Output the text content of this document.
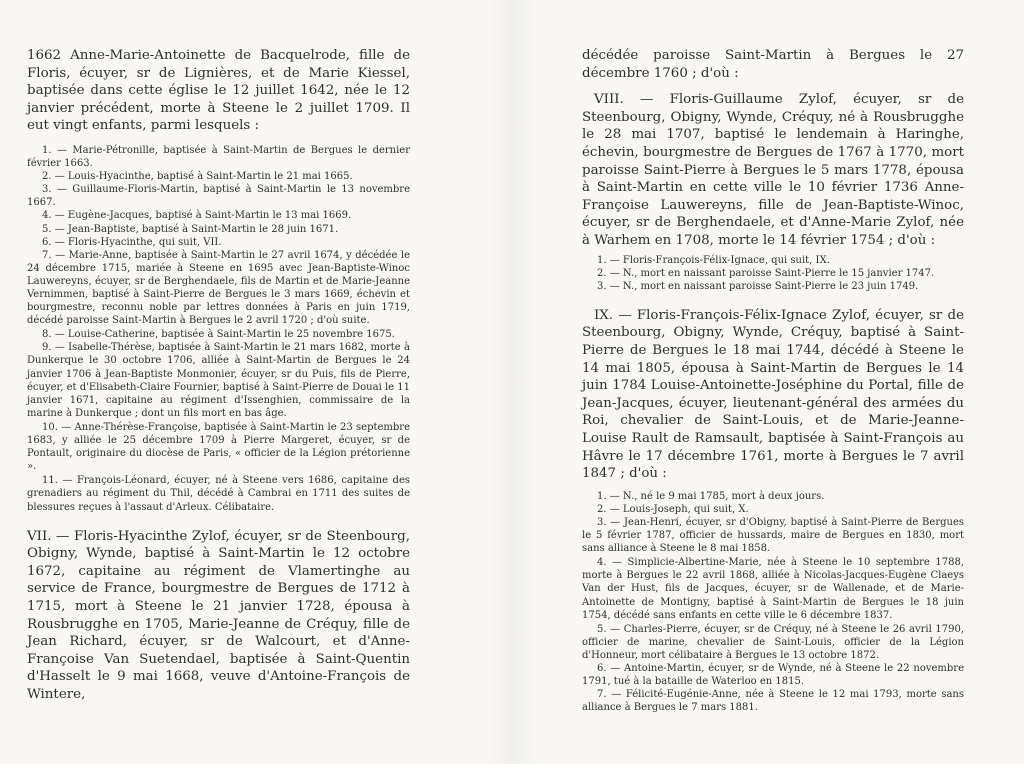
1662 Anne-Marie-Antoinette de Bacquelrode, fille de Floris, écuyer, sr de Lignières, et de Marie Kiessel, baptisée dans cette église le 12 juillet 1642, née le 12 janvier précédent, morte à Steene le 2 juillet 1709. Il eut vingt enfants, parmi lesquels :

1. — Marie-Pétronille, baptisée à Saint-Martin de Bergues le dernier février 1663.

2. — Louis-Hyacinthe, baptisé à Saint-Martin le 21 mai 1665.

3. — Guillaume-Floris-Martin, baptisé à Saint-Martin le 13 novembre 1667.

4. — Eugène-Jacques, baptisé à Saint-Martin le 13 mai 1669.

5. — Jean-Baptiste, baptisé à Saint-Martin le 28 juin 1671.

6. — Floris-Hyacinthe, qui suit, VII.

7. — Marie-Anne, baptisée à Saint-Martin le 27 avril 1674, y décédée le 24 décembre 1715, mariée à Steene en 1695 avec Jean-Baptiste-Winoc Lauwereyns, écuyer, sr de Berghendaele, fils de Martin et de Marie-Jeanne Vernimmen, baptisé à Saint-Pierre de Bergues le 3 mars 1669, échevin et bourgmestre, reconnu noble par lettres données à Paris en juin 1719, décédé paroisse Saint-Martin à Bergues le 2 avril 1720 ; d'où suite.

8. — Louise-Catherine, baptisée à Saint-Martin le 25 novembre 1675.

9. — Isabelle-Thérèse, baptisée à Saint-Martin le 21 mars 1682, morte à Dunkerque le 30 octobre 1706, alliée à Saint-Martin de Bergues le 24 janvier 1706 à Jean-Baptiste Monmonier, écuyer, sr du Puis, fils de Pierre, écuyer, et d'Elisabeth-Claire Fournier, baptisé à Saint-Pierre de Douai le 11 janvier 1671, capitaine au régiment d'Issenghien, commissaire de la marine à Dunkerque ; dont un fils mort en bas âge.

10. — Anne-Thérèse-Françoise, baptisée à Saint-Martin le 23 septembre 1683, y alliée le 25 décembre 1709 à Pierre Margeret, écuyer, sr de Pontault, originaire du diocèse de Paris, « officier de la Légion prétorienne ».

11. — François-Léonard, écuyer, né à Steene vers 1686, capitaine des grenadiers au régiment du Thil, décédé à Cambrai en 1711 des suites de blessures reçues à l'assaut d'Arleux. Célibataire.

VII. — Floris-Hyacinthe Zylof, écuyer, sr de Steenbourg, Obigny, Wynde, baptisé à Saint-Martin le 12 octobre 1672, capitaine au régiment de Vlamertinghe au service de France, bourgmestre de Bergues de 1712 à 1715, mort à Steene le 21 janvier 1728, épousa à Rousbrugghe en 1705, Marie-Jeanne de Créquy, fille de Jean Richard, écuyer, sr de Walcourt, et d'Anne-Françoise Van Suetendael, baptisée à Saint-Quentin d'Hasselt le 9 mai 1668, veuve d'Antoine-François de Wintere,

décédée paroisse Saint-Martin à Bergues le 27 décembre 1760 ; d'où :

VIII. — Floris-Guillaume Zylof, écuyer, sr de Steenbourg, Obigny, Wynde, Créquy, né à Rousbrugghe le 28 mai 1707, baptisé le lendemain à Haringhe, échevin, bourgmestre de Bergues de 1767 à 1770, mort paroisse Saint-Pierre à Bergues le 5 mars 1778, épousa à Saint-Martin en cette ville le 10 février 1736 Anne-Françoise Lauwereyns, fille de Jean-Baptiste-Winoc, écuyer, sr de Berghendaele, et d'Anne-Marie Zylof, née à Warhem en 1708, morte le 14 février 1754 ; d'où :

1. — Floris-François-Félix-Ignace, qui suit, IX.

2. — N., mort en naissant paroisse Saint-Pierre le 15 janvier 1747.

3. — N., mort en naissant paroisse Saint-Pierre le 23 juin 1749.

IX. — Floris-François-Félix-Ignace Zylof, écuyer, sr de Steenbourg, Obigny, Wynde, Créquy, baptisé à Saint-Pierre de Bergues le 18 mai 1744, décédé à Steene le 14 mai 1805, épousa à Saint-Martin de Bergues le 14 juin 1784 Louise-Antoinette-Joséphine du Portal, fille de Jean-Jacques, écuyer, lieutenant-général des armées du Roi, chevalier de Saint-Louis, et de Marie-Jeanne-Louise Rault de Ramsault, baptisée à Saint-François au Hâvre le 17 décembre 1761, morte à Bergues le 7 avril 1847 ; d'où :

1. — N., né le 9 mai 1785, mort à deux jours.

2. — Louis-Joseph, qui suit, X.

3. — Jean-Henri, écuyer, sr d'Obigny, baptisé à Saint-Pierre de Bergues le 5 février 1787, officier de hussards, maire de Bergues en 1830, mort sans alliance à Steene le 8 mai 1858.

4. — Simplicie-Albertine-Marie, née à Steene le 10 septembre 1788, morte à Bergues le 22 avril 1868, alliée à Nicolas-Jacques-Eugène Claeys Van der Hust, fils de Jacques, écuyer, sr de Wallenade, et de Marie-Antoinette de Montigny, baptisé à Saint-Martin de Bergues le 18 juin 1754, décédé sans enfants en cette ville le 6 décembre 1837.

5. — Charles-Pierre, écuyer, sr de Créquy, né à Steene le 26 avril 1790, officier de marine, chevalier de Saint-Louis, officier de la Légion d'Honneur, mort célibataire à Bergues le 13 octobre 1872.

6. — Antoine-Martin, écuyer, sr de Wynde, né à Steene le 22 novembre 1791, tué à la bataille de Waterloo en 1815.

7. — Félicité-Eugénie-Anne, née à Steene le 12 mai 1793, morte sans alliance à Bergues le 7 mars 1881.
